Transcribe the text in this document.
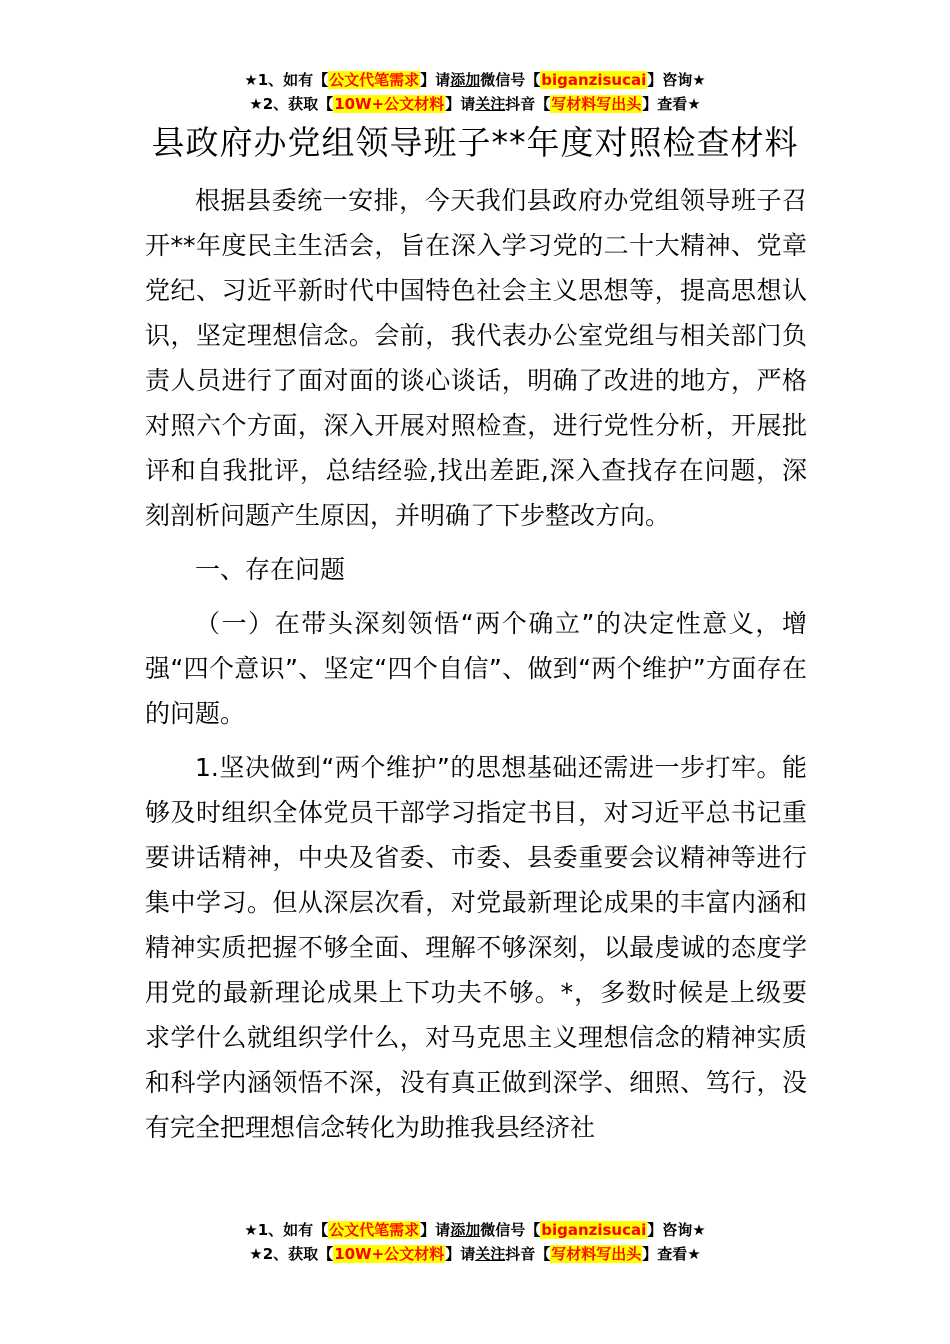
★1、如有【公文代笔需求】请添加微信号【biganzisucai】咨询★
★2、获取【10W+公文材料】请关注抖音【写材料写出头】查看★
县政府办党组领导班子**年度对照检查材料

根据县委统一安排，今天我们县政府办党组领导班子召开**年度民主生活会，旨在深入学习党的二十大精神、党章党纪、习近平新时代中国特色社会主义思想等，提高思想认识，坚定理想信念。会前，我代表办公室党组与相关部门负责人员进行了面对面的谈心谈话，明确了改进的地方，严格对照六个方面，深入开展对照检查，进行党性分析，开展批评和自我批评，总结经验,找出差距,深入查找存在问题，深刻剖析问题产生原因，并明确了下步整改方向。

一、存在问题

（一）在带头深刻领悟“两个确立”的决定性意义，增强“四个意识”、坚定“四个自信”、做到“两个维护”方面存在的问题。

1.坚决做到“两个维护”的思想基础还需进一步打牢。能够及时组织全体党员干部学习指定书目，对习近平总书记重要讲话精神，中央及省委、市委、县委重要会议精神等进行集中学习。但从深层次看，对党最新理论成果的丰富内涵和精神实质把握不够全面、理解不够深刻，以最虔诚的态度学用党的最新理论成果上下功夫不够。*，多数时候是上级要求学什么就组织学什么，对马克思主义理想信念的精神实质和科学内涵领悟不深，没有真正做到深学、细照、笃行，没有完全把理想信念转化为助推我县经济社

★1、如有【公文代笔需求】请添加微信号【biganzisucai】咨询★
★2、获取【10W+公文材料】请关注抖音【写材料写出头】查看★
